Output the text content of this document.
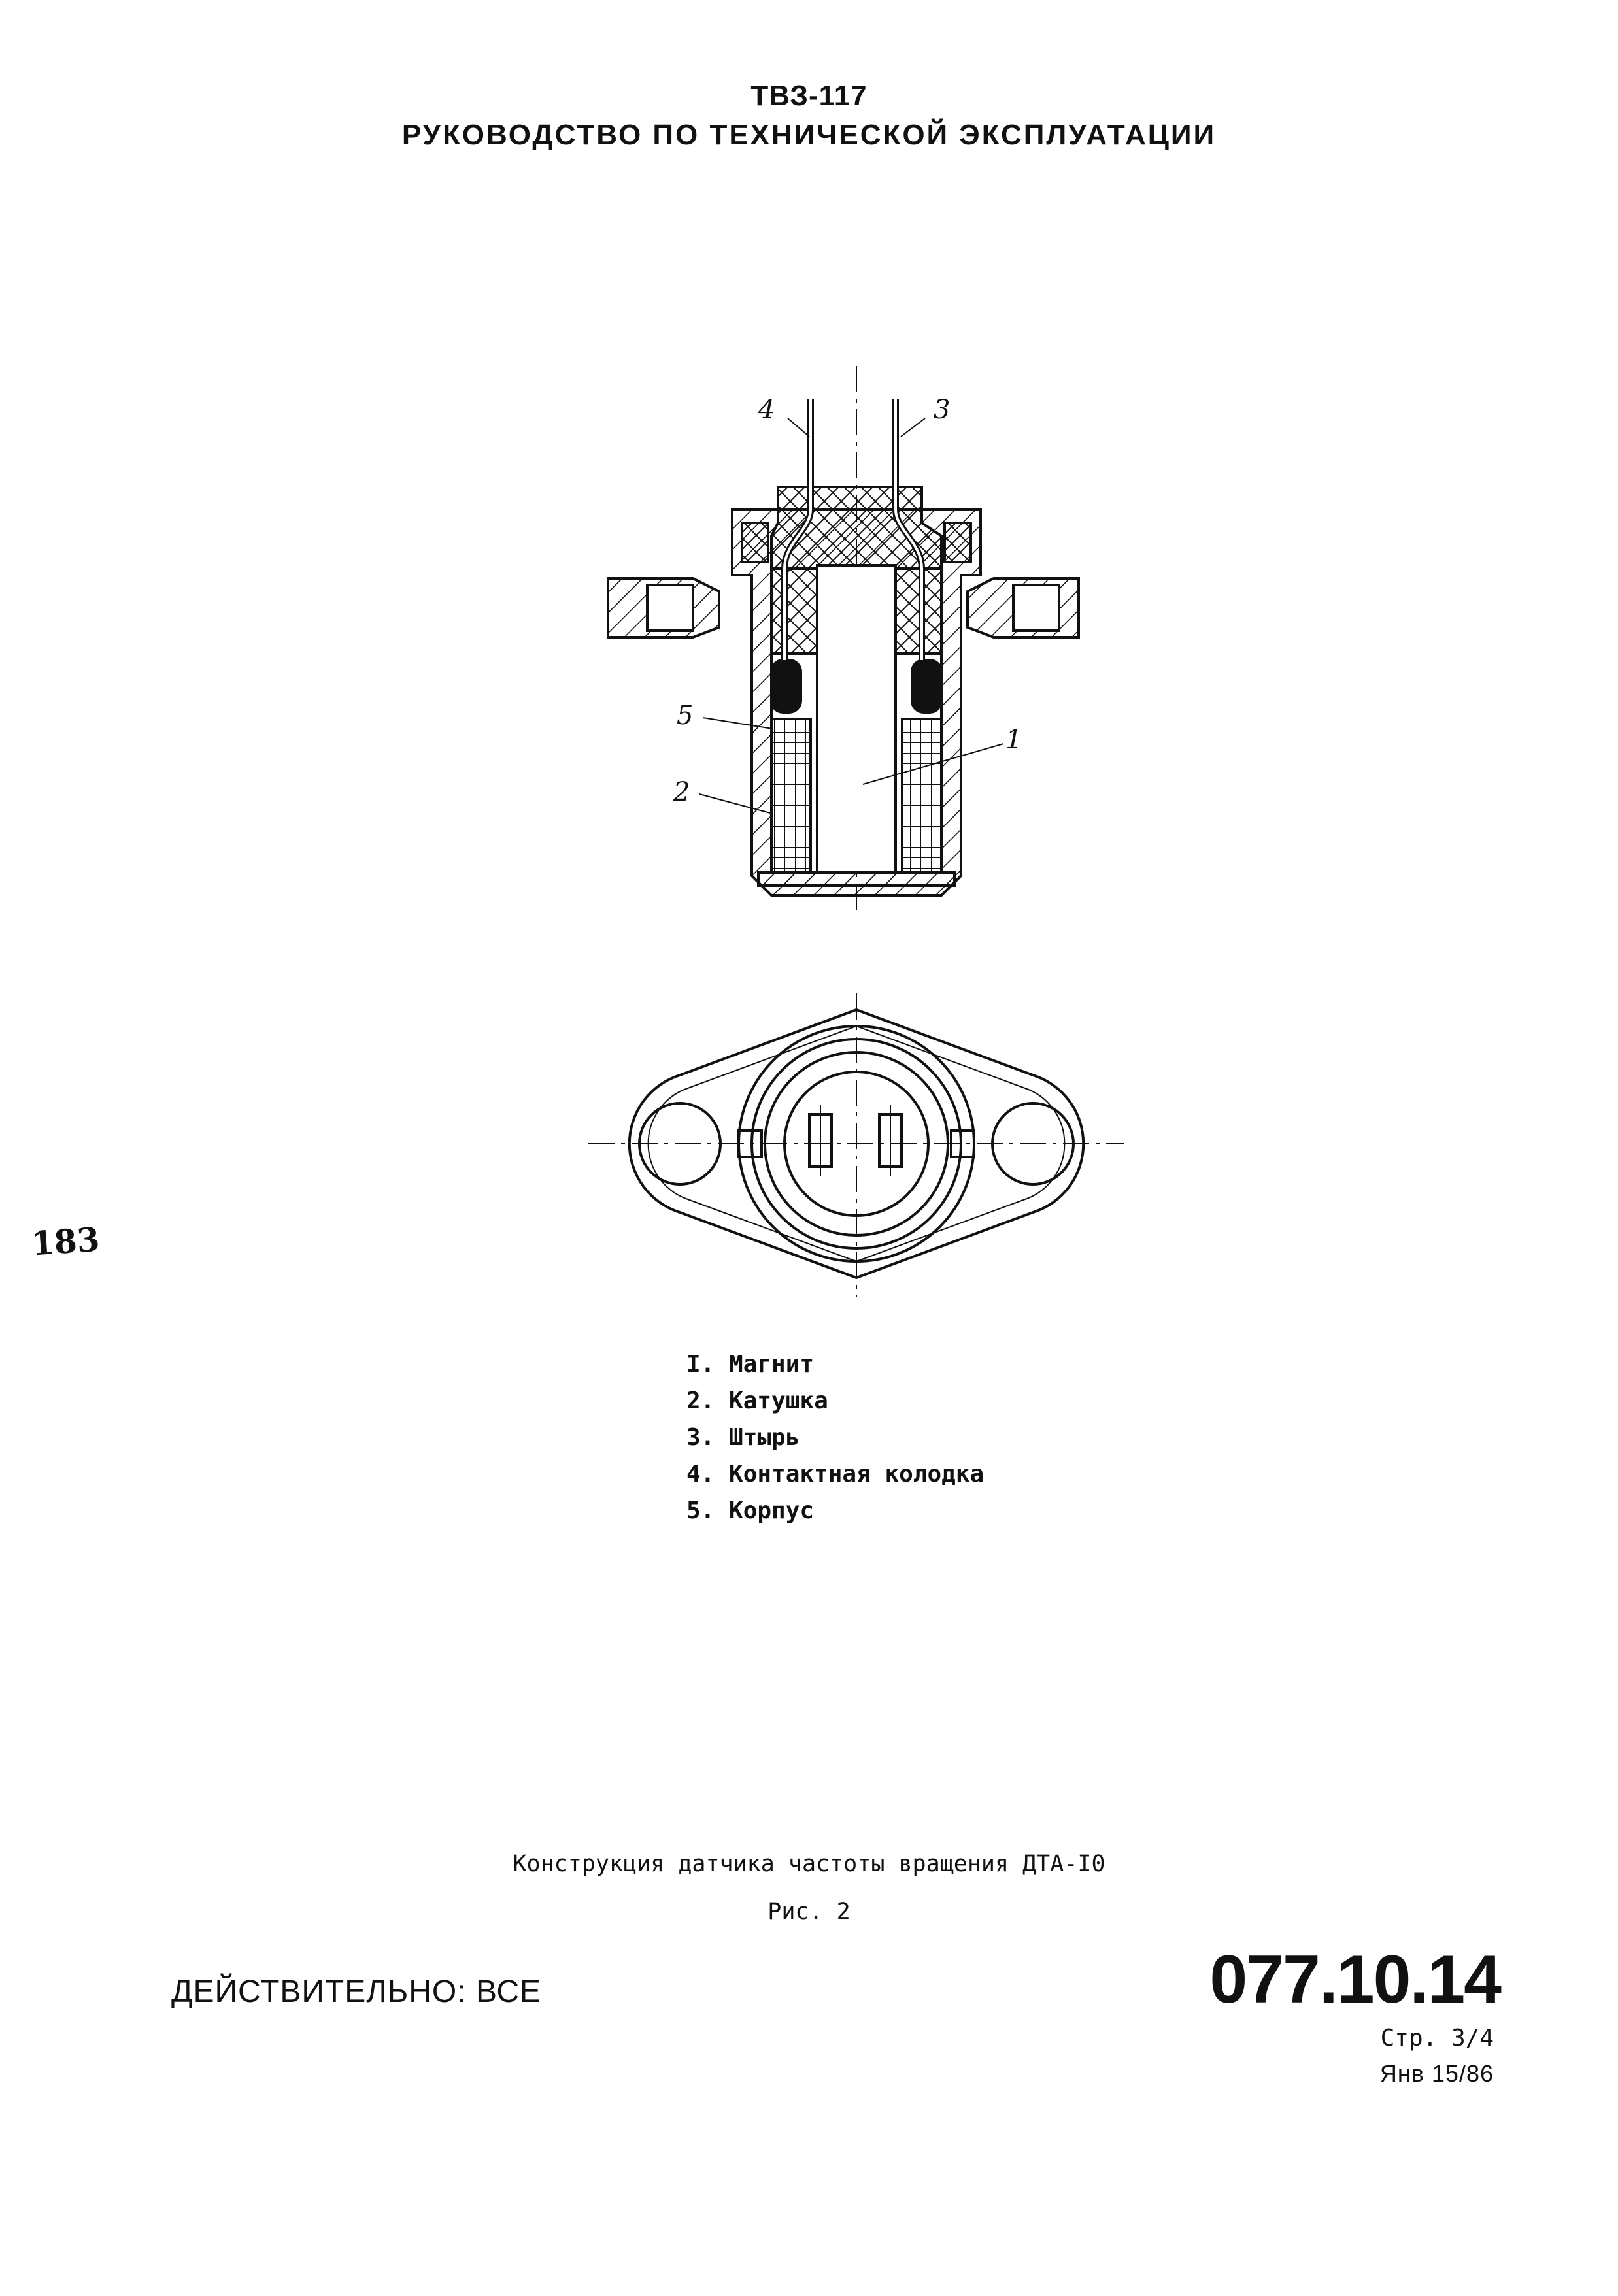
ТВЗ-117
РУКОВОДСТВО ПО ТЕХНИЧЕСКОЙ ЭКСПЛУАТАЦИИ
4	3
5
2
1
I. Магнит
2. Катушка
3. Штырь
4. Контактная колодка
5. Корпус
Конструкция датчика частоты вращения ДТА-I0
Рис. 2
ДЕЙСТВИТЕЛЬНО: ВСЕ	077.10.14
Стр. 3/4
Янв 15/86
183
